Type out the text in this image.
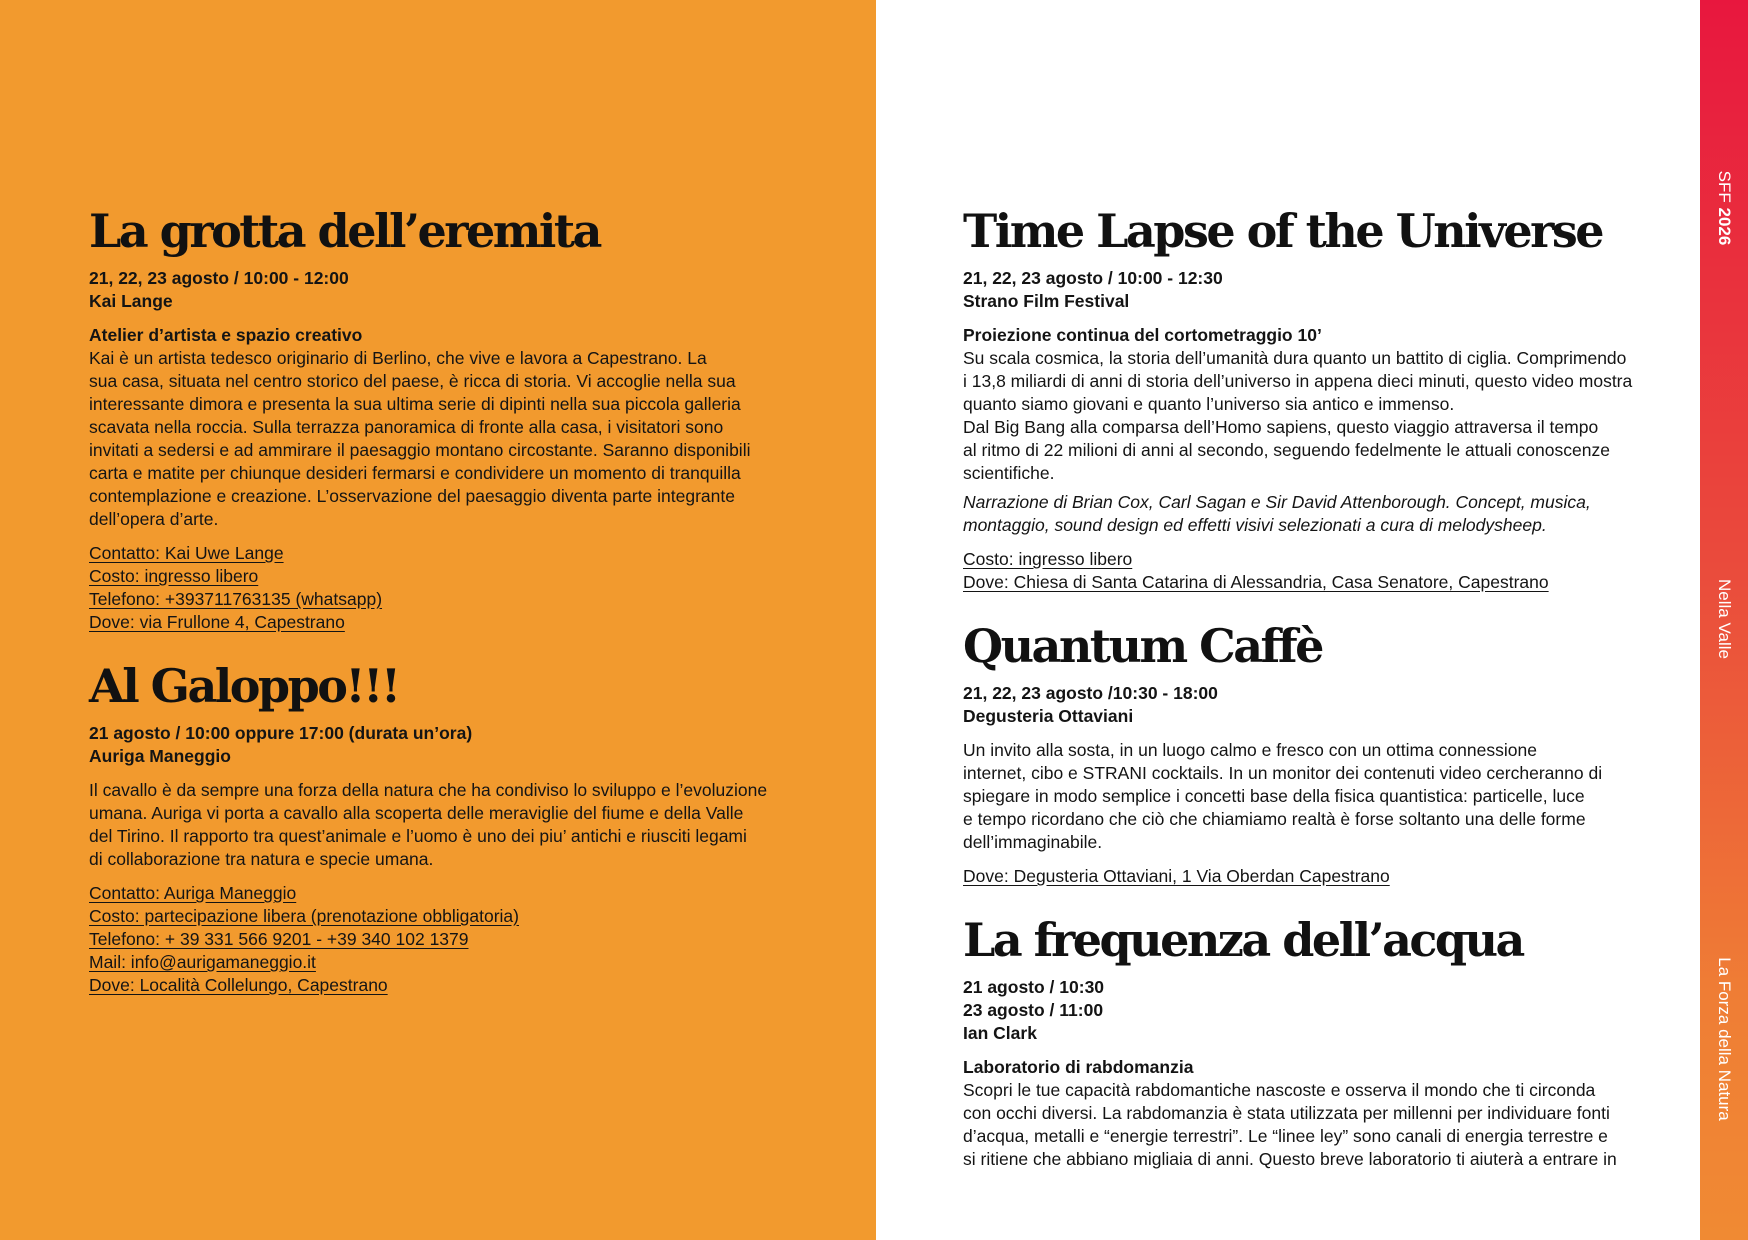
SFF 2026
Nella Valle
La Forza della Natura
La grotta dell’eremita
21, 22, 23 agosto / 10:00 - 12:00
Kai Lange
Atelier d’artista e spazio creativo

Kai è un artista tedesco originario di Berlino, che vive e lavora a Capestrano. La
sua casa, situata nel centro storico del paese, è ricca di storia. Vi accoglie nella sua
interessante dimora e presenta la sua ultima serie di dipinti nella sua piccola galleria
scavata nella roccia. Sulla terrazza panoramica di fronte alla casa, i visitatori sono
invitati a sedersi e ad ammirare il paesaggio montano circostante. Saranno disponibili
carta e matite per chiunque desideri fermarsi e condividere un momento di tranquilla
contemplazione e creazione. L’osservazione del paesaggio diventa parte integrante
dell’opera d’arte.

Contatto: Kai Uwe Lange
Costo: ingresso libero
Telefono: +393711763135 (whatsapp)
Dove: via Frullone 4, Capestrano
Al Galoppo!!!
21 agosto / 10:00 oppure 17:00 (durata un’ora)
Auriga Maneggio

Il cavallo è da sempre una forza della natura che ha condiviso lo sviluppo e l’evoluzione
umana. Auriga vi porta a cavallo alla scoperta delle meraviglie del fiume e della Valle
del Tirino. Il rapporto tra quest’animale e l’uomo è uno dei piu’ antichi e riusciti legami
di collaborazione tra natura e specie umana.

Contatto: Auriga Maneggio
Costo: partecipazione libera (prenotazione obbligatoria)
Telefono: + 39 331 566 9201 - +39 340 102 1379
Mail: info@aurigamaneggio.it
Dove: Località Collelungo, Capestrano
Time Lapse of the Universe
21, 22, 23 agosto / 10:00 - 12:30
Strano Film Festival
Proiezione continua del cortometraggio 10’

Su scala cosmica, la storia dell’umanità dura quanto un battito di ciglia. Comprimendo
i 13,8 miliardi di anni di storia dell’universo in appena dieci minuti, questo video mostra
quanto siamo giovani e quanto l’universo sia antico e immenso.
Dal Big Bang alla comparsa dell’Homo sapiens, questo viaggio attraversa il tempo
al ritmo di 22 milioni di anni al secondo, seguendo fedelmente le attuali conoscenze
scientifiche.

Narrazione di Brian Cox, Carl Sagan e Sir David Attenborough. Concept, musica,
montaggio, sound design ed effetti visivi selezionati a cura di melodysheep.

Costo: ingresso libero
Dove: Chiesa di Santa Catarina di Alessandria, Casa Senatore, Capestrano
Quantum Caffè
21, 22, 23 agosto /10:30 - 18:00
Degusteria Ottaviani

Un invito alla sosta, in un luogo calmo e fresco con un ottima connessione
internet, cibo e STRANI cocktails. In un monitor dei contenuti video cercheranno di
spiegare in modo semplice i concetti base della fisica quantistica: particelle, luce
e tempo ricordano che ciò che chiamiamo realtà è forse soltanto una delle forme
dell’immaginabile.

Dove: Degusteria Ottaviani, 1 Via Oberdan Capestrano
La frequenza dell’acqua
21 agosto / 10:30
23 agosto / 11:00
Ian Clark
Laboratorio di rabdomanzia

Scopri le tue capacità rabdomantiche nascoste e osserva il mondo che ti circonda
con occhi diversi. La rabdomanzia è stata utilizzata per millenni per individuare fonti
d’acqua, metalli e “energie terrestri”. Le “linee ley” sono canali di energia terrestre e
si ritiene che abbiano migliaia di anni. Questo breve laboratorio ti aiuterà a entrare in
